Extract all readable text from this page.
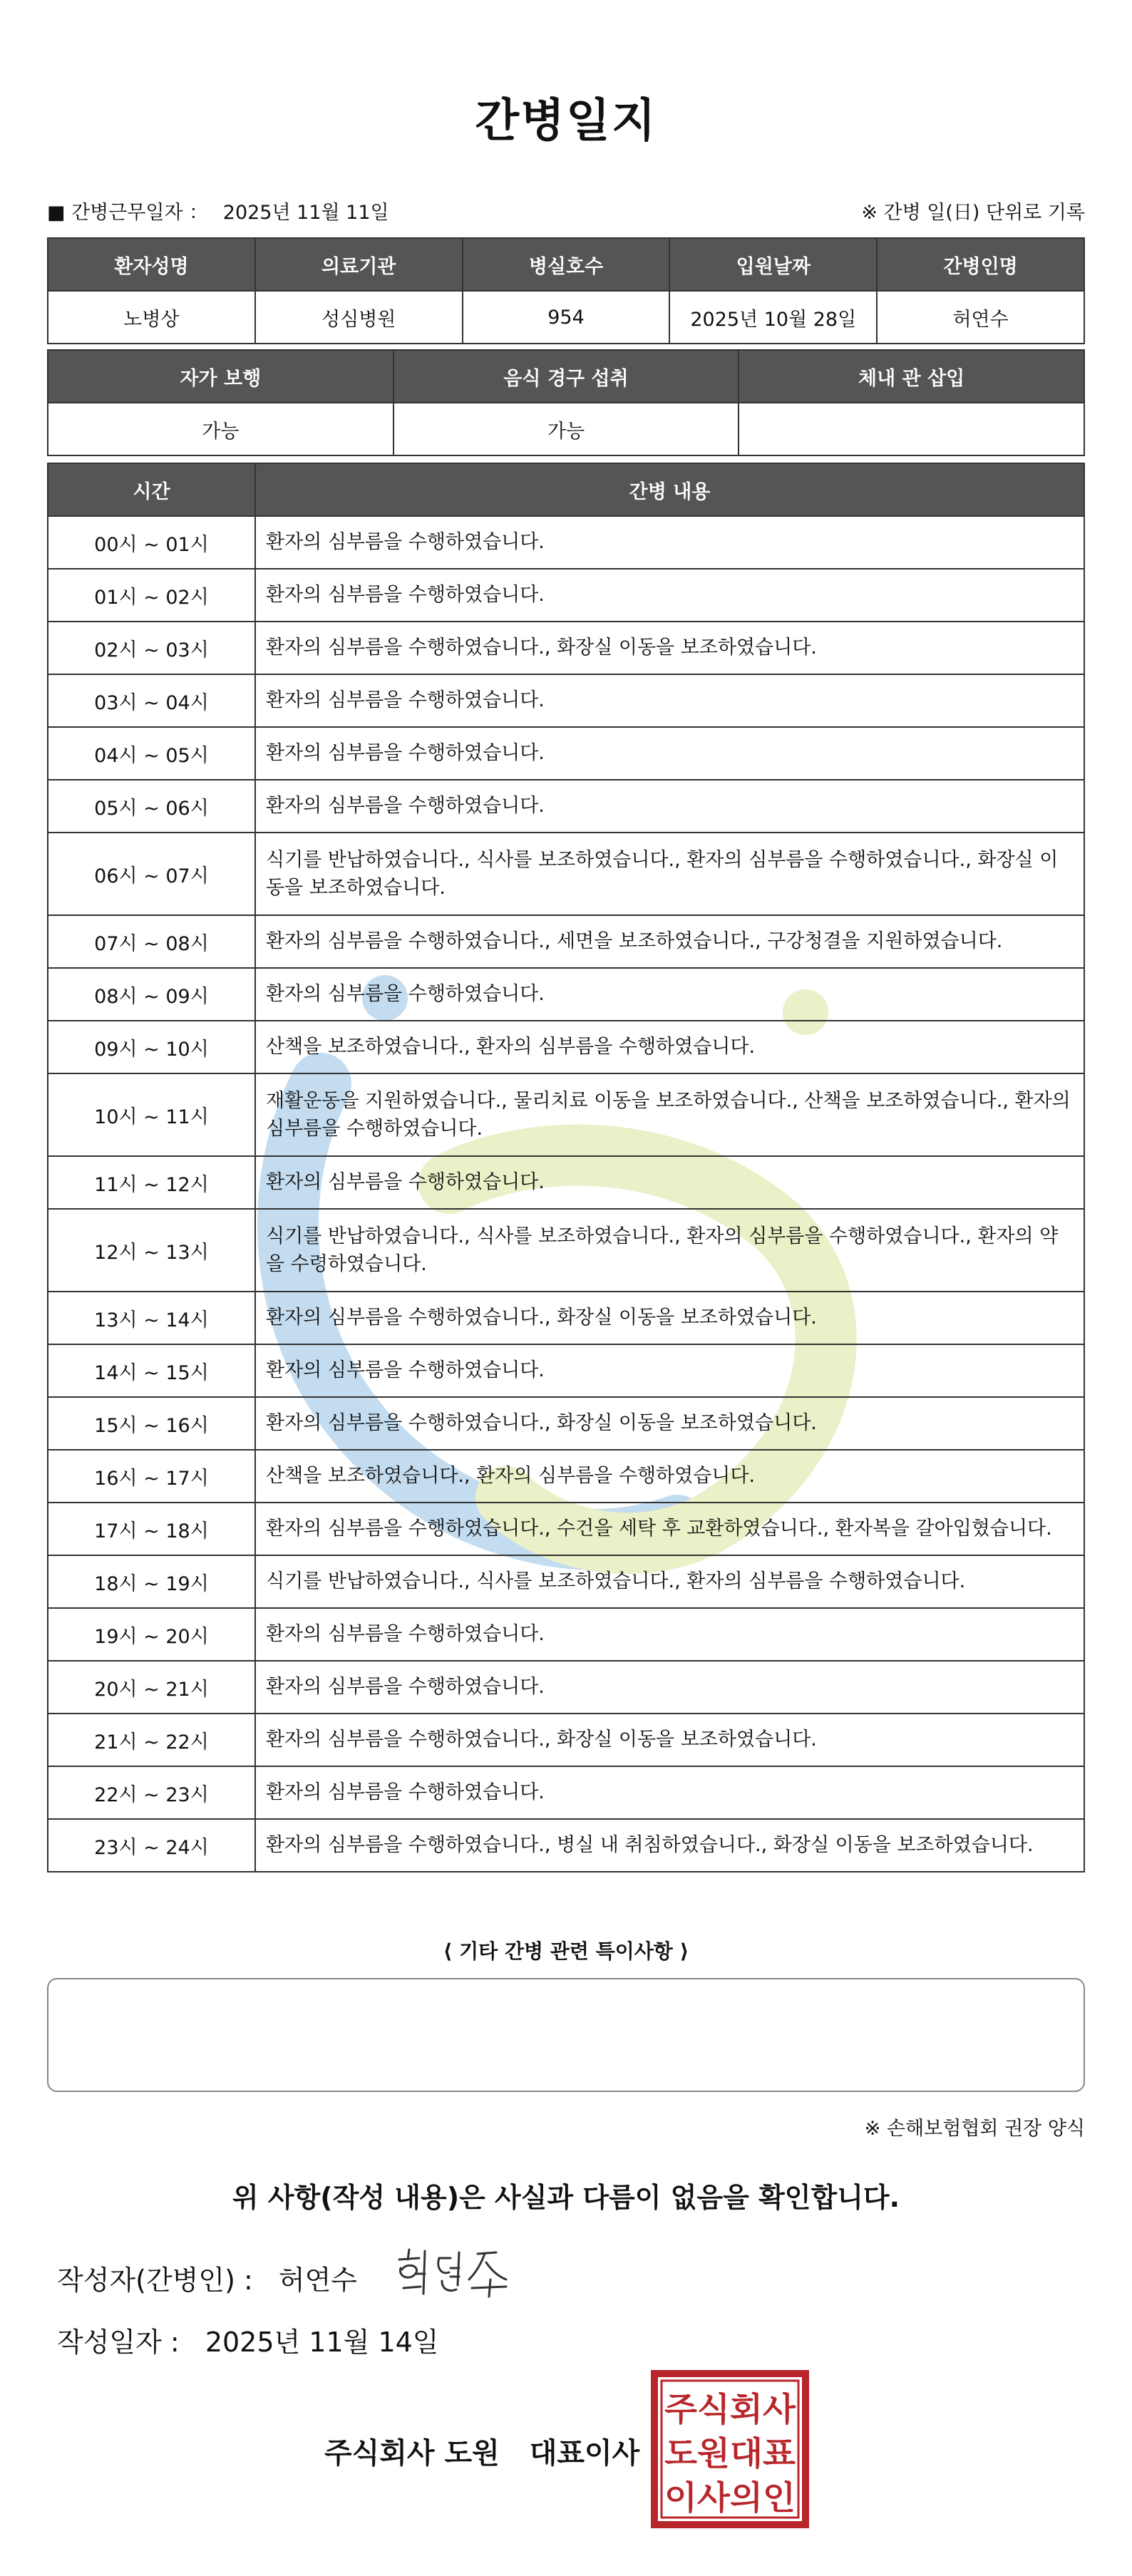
간병일지
■ 간병근무일자 ： 2025년 11월 11일	※ 간병 일(日) 단위로 기록
환자성명	의료기관	병실호수	입원날짜	간병인명
노병상	성심병원	954	2025년 10월 28일	허연수
자가 보행	음식 경구 섭취	체내 관 삽입
가능	가능	
시간	간병 내용
00시 ~ 01시	환자의 심부름을 수행하였습니다.
01시 ~ 02시	환자의 심부름을 수행하였습니다.
02시 ~ 03시	환자의 심부름을 수행하였습니다., 화장실 이동을 보조하였습니다.
03시 ~ 04시	환자의 심부름을 수행하였습니다.
04시 ~ 05시	환자의 심부름을 수행하였습니다.
05시 ~ 06시	환자의 심부름을 수행하였습니다.
06시 ~ 07시	식기를 반납하였습니다., 식사를 보조하였습니다., 환자의 심부름을 수행하였습니다., 화장실 이동을 보조하였습니다.
07시 ~ 08시	환자의 심부름을 수행하였습니다., 세면을 보조하였습니다., 구강청결을 지원하였습니다.
08시 ~ 09시	환자의 심부름을 수행하였습니다.
09시 ~ 10시	산책을 보조하였습니다., 환자의 심부름을 수행하였습니다.
10시 ~ 11시	재활운동을 지원하였습니다., 물리치료 이동을 보조하였습니다., 산책을 보조하였습니다., 환자의 심부름을 수행하였습니다.
11시 ~ 12시	환자의 심부름을 수행하였습니다.
12시 ~ 13시	식기를 반납하였습니다., 식사를 보조하였습니다., 환자의 심부름을 수행하였습니다., 환자의 약을 수령하였습니다.
13시 ~ 14시	환자의 심부름을 수행하였습니다., 화장실 이동을 보조하였습니다.
14시 ~ 15시	환자의 심부름을 수행하였습니다.
15시 ~ 16시	환자의 심부름을 수행하였습니다., 화장실 이동을 보조하였습니다.
16시 ~ 17시	산책을 보조하였습니다., 환자의 심부름을 수행하였습니다.
17시 ~ 18시	환자의 심부름을 수행하였습니다., 수건을 세탁 후 교환하였습니다., 환자복을 갈아입혔습니다.
18시 ~ 19시	식기를 반납하였습니다., 식사를 보조하였습니다., 환자의 심부름을 수행하였습니다.
19시 ~ 20시	환자의 심부름을 수행하였습니다.
20시 ~ 21시	환자의 심부름을 수행하였습니다.
21시 ~ 22시	환자의 심부름을 수행하였습니다., 화장실 이동을 보조하였습니다.
22시 ~ 23시	환자의 심부름을 수행하였습니다.
23시 ~ 24시	환자의 심부름을 수행하였습니다., 병실 내 취침하였습니다., 화장실 이동을 보조하였습니다.
⟨ 기타 간병 관련 특이사항 ⟩
※ 손해보험협회 권장 양식
위 사항(작성 내용)은 사실과 다름이 없음을 확인합니다.
작성자(간병인) : 허연수
작성일자 : 2025년 11월 14일
주식회사 도원 대표이사
주식회사
도원대표
이사의인
